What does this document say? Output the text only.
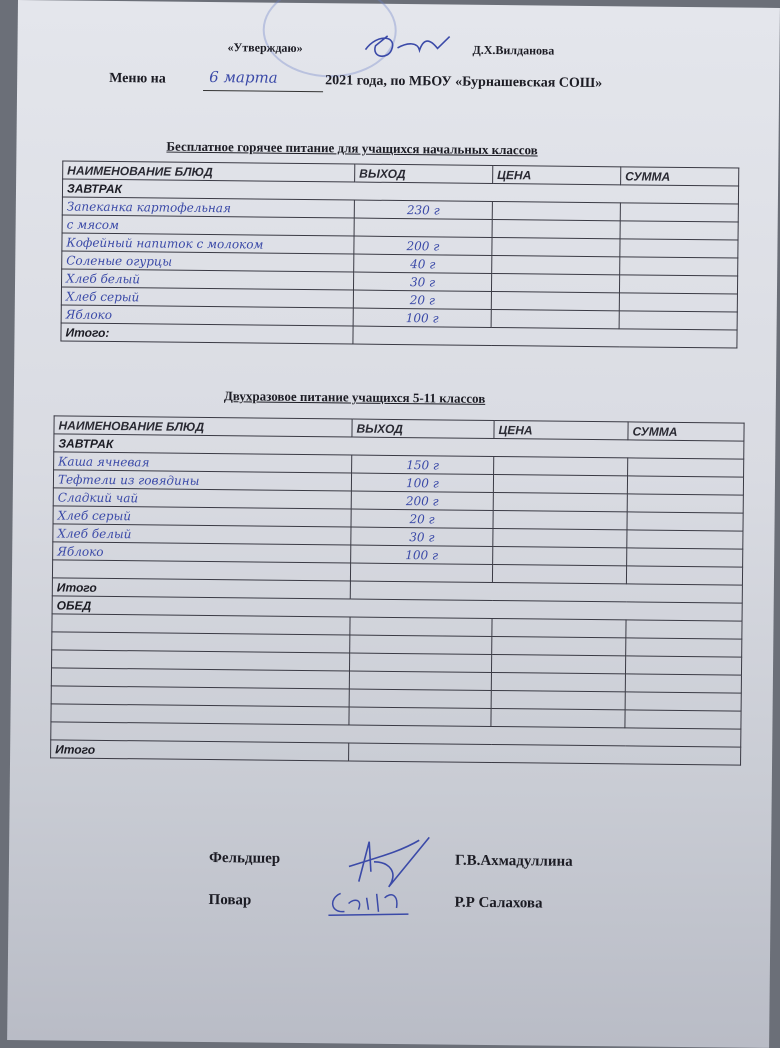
«Утверждаю»	Д.Х.Вилданова
Меню на	6 марта	2021 года, по МБОУ «Бурнашевская СОШ»
Бесплатное горячее питание для учащихся начальных классов
НАИМЕНОВАНИЕ БЛЮД	ВЫХОД	ЦЕНА	СУММА
ЗАВТРАК			
Запеканка картофельная	230 г		
с мясом			
Кофейный напиток с молоком	200 г		
Соленые огурцы	40 г		
Хлеб белый	30 г		
Хлеб серый	20 г		
Яблоко	100 г		
Итого:			
Двухразовое питание учащихся 5-11 классов
НАИМЕНОВАНИЕ БЛЮД	ВЫХОД	ЦЕНА	СУММА
ЗАВТРАК			
Каша ячневая	150 г		
Тефтели из говядины	100 г		
Сладкий чай	200 г		
Хлеб серый	20 г		
Хлеб белый	30 г		
Яблоко	100 г		

Итого			
ОБЕД			

Итого			
Фельдшер	Г.В.Ахмадуллина
Повар	Р.Р Салахова
